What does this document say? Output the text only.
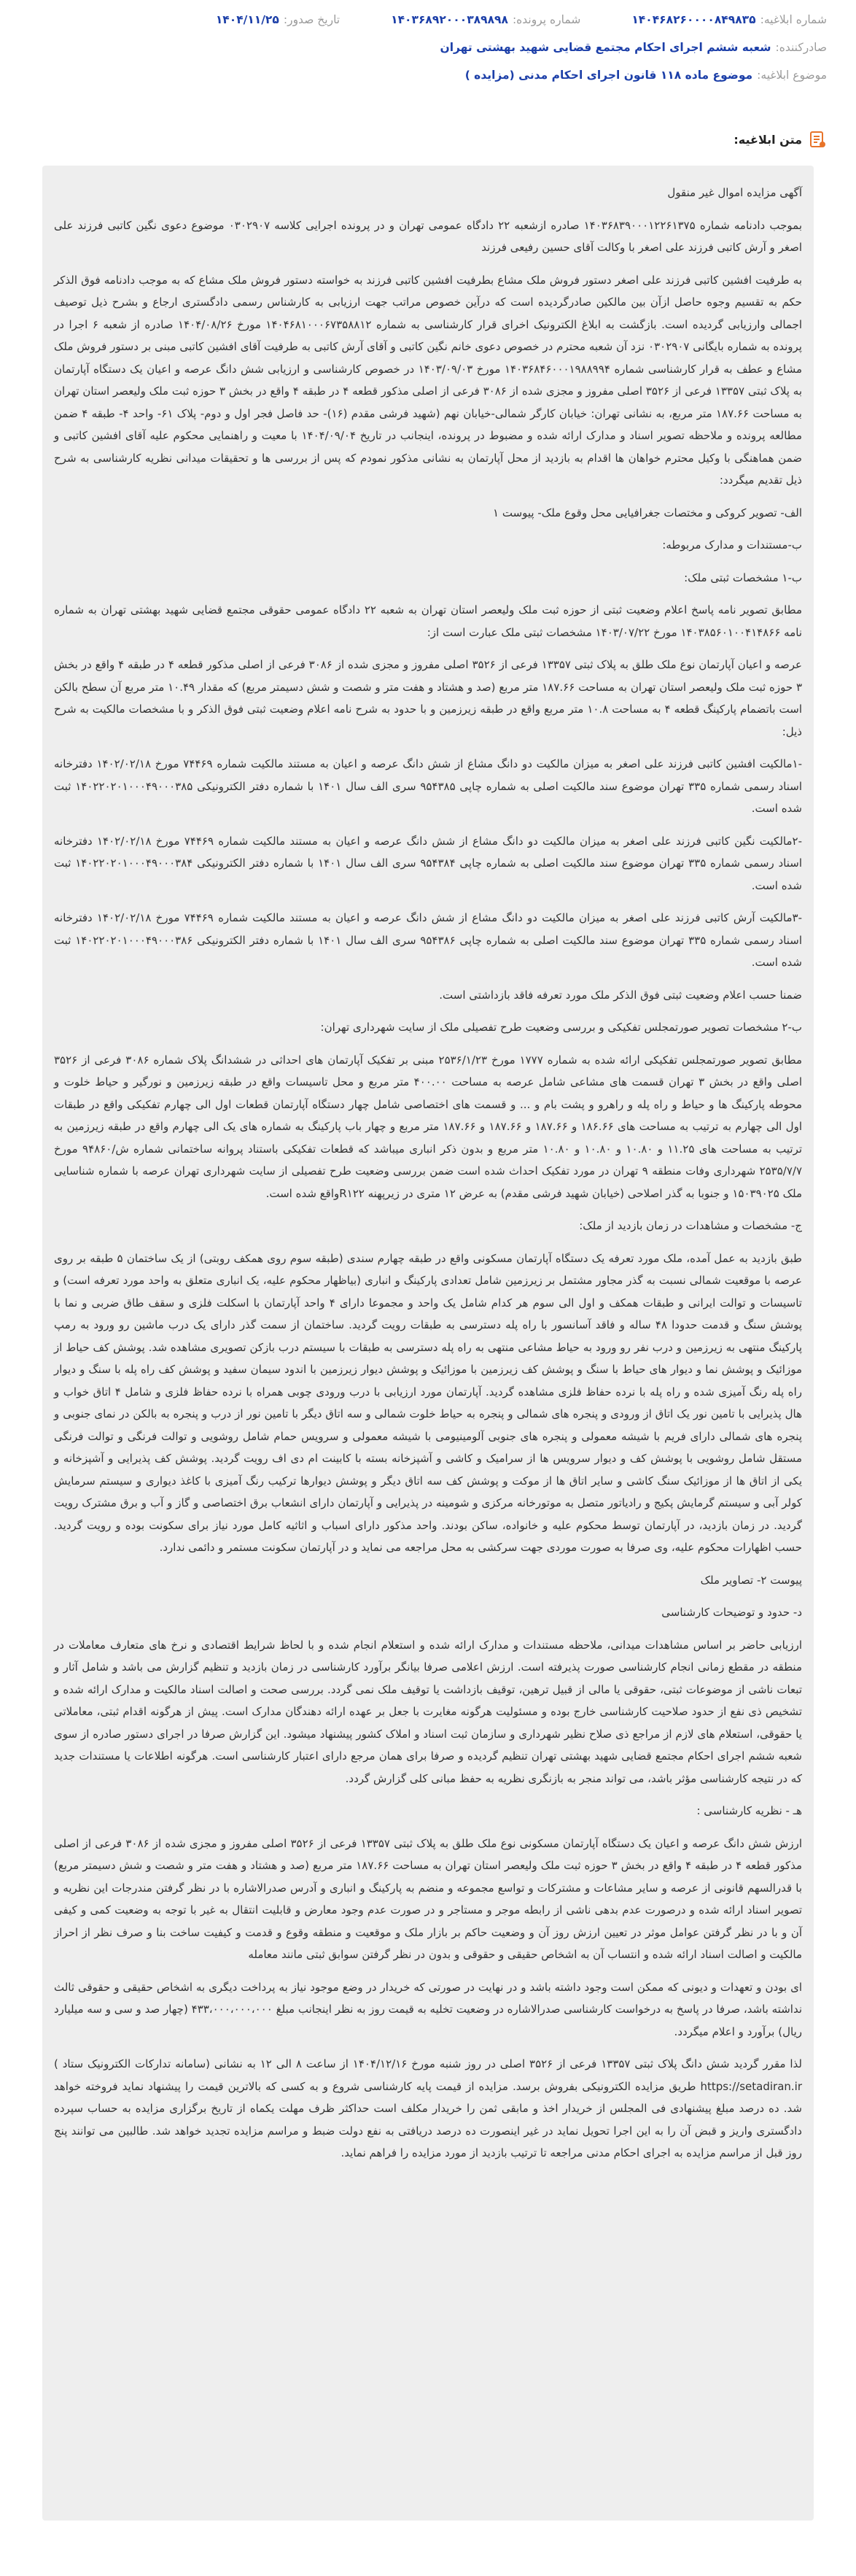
شماره ابلاغیه:
۱۴۰۴۶۸۲۶۰۰۰۰۸۴۹۸۳۵
شماره پرونده:
۱۴۰۳۶۸۹۲۰۰۰۳۸۹۸۹۸
تاریخ صدور:
۱۴۰۴/۱۱/۲۵
صادرکننده:
شعبه ششم اجرای احکام مجتمع قضایی شهید بهشتی تهران
موضوع ابلاغیه:
موضوع ماده ۱۱۸ قانون اجرای احکام مدنی (مزایده )
متن ابلاغیه:

آگهی مزایده اموال غیر منقول

بموجب دادنامه شماره ۱۴۰۳۶۸۳۹۰۰۰۱۲۲۶۱۳۷۵ صادره ازشعبه ۲۲ دادگاه عمومی تهران و در پرونده اجرایی کلاسه ۰۳۰۲۹۰۷ موضوع دعوی نگین کاتبی فرزند علی اصغر و آرش کاتبی فرزند علی اصغر با وکالت آقای حسین رفیعی فرزند

به طرفیت افشین کاتبی فرزند علی اصغر دستور فروش ملک مشاع بطرفیت افشین کاتبی فرزند به خواسته دستور فروش ملک مشاع که به موجب دادنامه فوق الذکر حکم به تقسیم وجوه حاصل ازآن بین مالکین صادرگردیده است که درآین خصوص مراتب جهت ارزیابی به کارشناس رسمی دادگستری ارجاع و بشرح ذیل توصیف اجمالی وارزیابی گردیده است. بازگشت به ابلاغ الکترونیک اخرای قرار کارشناسی به شماره ۱۴۰۴۶۸۱۰۰۰۶۷۳۵۸۸۱۲ مورخ ۱۴۰۴/۰۸/۲۶ صادره از شعبه ۶ اجرا در پرونده به شماره بایگانی ۰۳۰۲۹۰۷ نزد آن شعبه محترم در خصوص دعوی خانم نگین کاتبی و آقای آرش کاتبی به طرفیت آقای افشین کاتبی مبنی بر دستور فروش ملک مشاع و عطف به قرار کارشناسی شماره ۱۴۰۳۶۸۴۶۰۰۰۱۹۸۸۹۹۴ مورخ ۱۴۰۳/۰۹/۰۳ در خصوص کارشناسی و ارزیابی شش دانگ عرصه و اعیان یک دستگاه آپارتمان به پلاک ثبتی ۱۳۳۵۷ فرعی از ۳۵۲۶ اصلی مفروز و مجزی شده از ۳۰۸۶ فرعی از اصلی مذکور قطعه ۴ در طبقه ۴ واقع در بخش ۳ حوزه ثبت ملک ولیعصر استان تهران به مساحت ۱۸۷.۶۶ متر مربع، به نشانی تهران: خیابان کارگر شمالی-خیابان نهم (شهید فرشی مقدم (۱۶)- حد فاصل فجر اول و دوم- پلاک ۶۱- واحد ۴- طبقه ۴ ضمن مطالعه پرونده و ملاحظه تصویر اسناد و مدارک ارائه شده و مضبوط در پرونده، اینجانب در تاریخ ۱۴۰۴/۰۹/۰۴ با معیت و راهنمایی محکوم علیه آقای افشین کاتبی و ضمن هماهنگی با وکیل محترم خواهان ها اقدام به بازدید از محل آپارتمان به نشانی مذکور نمودم که پس از بررسی ها و تحقیقات میدانی نظریه کارشناسی به شرح ذیل تقدیم میگردد:

الف- تصویر کروکی و مختصات جغرافیایی محل وقوع ملک- پیوست ۱

ب-مستندات و مدارک مربوطه:

ب-۱ مشخصات ثبتی ملک:

مطابق تصویر نامه پاسخ اعلام وضعیت ثبتی از حوزه ثبت ملک ولیعصر استان تهران به شعبه ۲۲ دادگاه عمومی حقوقی مجتمع قضایی شهید بهشتی تهران به شماره نامه ۱۴۰۳۸۵۶۰۱۰۰۴۱۴۸۶۶ مورخ ۱۴۰۳/۰۷/۲۲ مشخصات ثبتی ملک عبارت است از:

عرصه و اعیان آپارتمان نوع ملک طلق به پلاک ثبتی ۱۳۳۵۷ فرعی از ۳۵۲۶ اصلی مفروز و مجزی شده از ۳۰۸۶ فرعی از اصلی مذکور قطعه ۴ در طبقه ۴ واقع در بخش ۳ حوزه ثبت ملک ولیعصر استان تهران به مساحت ۱۸۷.۶۶ متر مربع (صد و هشتاد و هفت متر و شصت و شش دسیمتر مربع) که مقدار ۱۰.۴۹ متر مربع آن سطح بالکن است باتضمام پارکینگ قطعه ۴ به مساحت ۱۰.۸ متر مربع واقع در طبقه زیرزمین و با حدود به شرح نامه اعلام وضعیت ثبتی فوق الذکر و با مشخصات مالکیت به شرح ذیل:

-۱مالکیت افشین کاتبی فرزند علی اصغر به میزان مالکیت دو دانگ مشاع از شش دانگ عرصه و اعیان به مستند مالکیت شماره ۷۴۴۶۹ مورخ ۱۴۰۲/۰۲/۱۸ دفترخانه اسناد رسمی شماره ۳۳۵ تهران موضوع سند مالکیت اصلی به شماره چاپی ۹۵۴۳۸۵ سری الف سال ۱۴۰۱ با شماره دفتر الکترونیکی ۱۴۰۲۲۰۲۰۱۰۰۰۴۹۰۰۰۳۸۵ ثبت شده است.

-۲مالکیت نگین کاتبی فرزند علی اصغر به میزان مالکیت دو دانگ مشاع از شش دانگ عرصه و اعیان به مستند مالکیت شماره ۷۴۴۶۹ مورخ ۱۴۰۲/۰۲/۱۸ دفترخانه اسناد رسمی شماره ۳۳۵ تهران موضوع سند مالکیت اصلی به شماره چاپی ۹۵۴۳۸۴ سری الف سال ۱۴۰۱ با شماره دفتر الکترونیکی ۱۴۰۲۲۰۲۰۱۰۰۰۴۹۰۰۰۳۸۴ ثبت شده است.

-۳مالکیت آرش کاتبی فرزند علی اصغر به میزان مالکیت دو دانگ مشاع از شش دانگ عرصه و اعیان به مستند مالکیت شماره ۷۴۴۶۹ مورخ ۱۴۰۲/۰۲/۱۸ دفترخانه اسناد رسمی شماره ۳۳۵ تهران موضوع سند مالکیت اصلی به شماره چاپی ۹۵۴۳۸۶ سری الف سال ۱۴۰۱ با شماره دفتر الکترونیکی ۱۴۰۲۲۰۲۰۱۰۰۰۴۹۰۰۰۳۸۶ ثبت شده است.

ضمنا حسب اعلام وضعیت ثبتی فوق الذکر ملک مورد تعرفه فاقد بازداشتی است.

ب-۲ مشخصات تصویر صورتمجلس تفکیکی و بررسی وضعیت طرح تفصیلی ملک از سایت شهرداری تهران:

مطابق تصویر صورتمجلس تفکیکی ارائه شده به شماره ۱۷۷۷ مورخ ۲۵۳۶/۱/۲۳ مبنی بر تفکیک آپارتمان های احداثی در ششدانگ پلاک شماره ۳۰۸۶ فرعی از ۳۵۲۶ اصلی واقع در بخش ۳ تهران قسمت های مشاعی شامل عرصه به مساحت ۴۰۰.۰۰ متر مربع و محل تاسیسات واقع در طبقه زیرزمین و نورگیر و حیاط خلوت و محوطه پارکینگ ها و حیاط و راه پله و راهرو و پشت بام و ... و قسمت های اختصاصی شامل چهار دستگاه آپارتمان قطعات اول الی چهارم تفکیکی واقع در طبقات اول الی چهارم به ترتیب به مساحت های ۱۸۶.۶۶ و ۱۸۷.۶۶ و ۱۸۷.۶۶ و ۱۸۷.۶۶ متر مربع و چهار باب پارکینگ به شماره های یک الی چهارم واقع در طبقه زیرزمین به ترتیب به مساحت های ۱۱.۲۵ و ۱۰.۸۰ و ۱۰.۸۰ و ۱۰.۸۰ متر مربع و بدون ذکر انباری میباشد که قطعات تفکیکی باستناد پروانه ساختمانی شماره ش/۹۴۸۶۰ مورخ ۲۵۳۵/۷/۷ شهرداری وفات منطقه ۹ تهران در مورد تفکیک احداث شده است ضمن بررسی وضعیت طرح تفصیلی از سایت شهرداری تهران عرصه با شماره شناسایی ملک ۱۵۰۳۹۰۲۵ و جنوبا به گذر اصلاحی (خیابان شهید فرشی مقدم) به عرض ۱۲ متری در زیرپهنه R۱۲۲واقع شده است.

ج- مشخصات و مشاهدات در زمان بازدید از ملک:

طبق بازدید به عمل آمده، ملک مورد تعرفه یک دستگاه آپارتمان مسکونی واقع در طبقه چهارم سندی (طبقه سوم روی همکف روبتی) از یک ساختمان ۵ طبقه بر روی عرصه با موقعیت شمالی نسبت به گذر مجاور مشتمل بر زیرزمین شامل تعدادی پارکینگ و انباری (بیاظهار محکوم علیه، یک انباری متعلق به واحد مورد تعرفه است) و تاسیسات و توالت ایرانی و طبقات همکف و اول الی سوم هر کدام شامل یک واحد و مجموعا دارای ۴ واحد آپارتمان با اسکلت فلزی و سقف طاق ضربی و نما با پوشش سنگ و قدمت حدودا ۴۸ ساله و فاقد آسانسور با راه پله دسترسی به طبقات رویت گردید. ساختمان از سمت گذر دارای یک درب ماشین رو ورود به رمپ پارکینگ منتهی به زیرزمین و درب نفر رو ورود به حیاط مشاعی منتهی به راه پله دسترسی به طبقات با سیستم درب بازکن تصویری مشاهده شد. پوشش کف حیاط از موزائیک و پوشش نما و دیوار های حیاط با سنگ و پوشش کف زیرزمین با موزائیک و پوشش دیوار زیرزمین با اندود سیمان سفید و پوشش کف راه پله با سنگ و دیوار راه پله رنگ آمیزی شده و راه پله با نرده حفاظ فلزی مشاهده گردید. آپارتمان مورد ارزیابی با درب ورودی چوبی همراه با نرده حفاظ فلزی و شامل ۴ اتاق خواب و هال پذیرایی با تامین نور یک اتاق از ورودی و پنجره های شمالی و پنجره به حیاط خلوت شمالی و سه اتاق دیگر با تامین نور از درب و پنجره به بالکن در نمای جنوبی و پنجره های شمالی دارای فریم با شیشه معمولی و پنجره های جنوبی آلومینیومی با شیشه معمولی و سرویس حمام شامل روشویی و توالت فرنگی و توالت فرنگی مستقل شامل روشویی با پوشش کف و دیوار سرویس ها از سرامیک و کاشی و آشپزخانه بسته با کابینت ام دی اف رویت گردید. پوشش کف پذیرایی و آشپزخانه و یکی از اتاق ها از موزائیک سنگ کاشی و سایر اتاق ها از موکت و پوشش کف سه اتاق دیگر و پوشش دیوارها ترکیب رنگ آمیزی با کاغذ دیواری و سیستم سرمایش کولر آبی و سیستم گرمایش پکیج و رادیاتور متصل به موتورخانه مرکزی و شومینه در پذیرایی و آپارتمان دارای انشعاب برق اختصاصی و گاز و آب و برق مشترک رویت گردید. در زمان بازدید، در آپارتمان توسط محکوم علیه و خانواده، ساکن بودند. واحد مذکور دارای اسباب و اثاثیه کامل مورد نیاز برای سکونت بوده و رویت گردید. حسب اظهارات محکوم علیه، وی صرفا به صورت موردی جهت سرکشی به محل مراجعه می نماید و در آپارتمان سکونت مستمر و دائمی ندارد.

پیوست ۲- تصاویر ملک

د- حدود و توضیحات کارشناسی

ارزیابی حاضر بر اساس مشاهدات میدانی، ملاحظه مستندات و مدارک ارائه شده و استعلام انجام شده و با لحاظ شرایط اقتصادی و نرخ های متعارف معاملات در منطقه در مقطع زمانی انجام کارشناسی صورت پذیرفته است. ارزش اعلامی صرفا بیانگر برآورد کارشناسی در زمان بازدید و تنظیم گزارش می باشد و شامل آثار و تبعات ناشی از موضوعات ثبتی، حقوقی یا مالی از قبیل ترهین، توقیف بازداشت یا توقیف ملک نمی گردد. بررسی صحت و اصالت اسناد مالکیت و مدارک ارائه شده و تشخیص ذی نفع از حدود صلاحیت کارشناسی خارج بوده و مسئولیت هرگونه مغایرت با جعل بر عهده ارائه دهندگان مدارک است. پیش از هرگونه اقدام ثبتی، معاملاتی یا حقوقی، استعلام های لازم از مراجع ذی صلاح نظیر شهرداری و سازمان ثبت اسناد و املاک کشور پیشنهاد میشود. این گزارش صرفا در اجرای دستور صادره از سوی شعبه ششم اجرای احکام مجتمع قضایی شهید بهشتی تهران تنظیم گردیده و صرفا برای همان مرجع دارای اعتبار کارشناسی است. هرگونه اطلاعات یا مستندات جدید که در نتیجه کارشناسی مؤثر باشد، می تواند منجر به بازنگری نظریه به حفظ مبانی کلی گزارش گردد.

هـ - نظریه کارشناسی :

ارزش شش دانگ عرصه و اعیان یک دستگاه آپارتمان مسکونی نوع ملک طلق به پلاک ثبتی ۱۳۳۵۷ فرعی از ۳۵۲۶ اصلی مفروز و مجزی شده از ۳۰۸۶ فرعی از اصلی مذکور قطعه ۴ در طبقه ۴ واقع در بخش ۳ حوزه ثبت ملک ولیعصر استان تهران به مساحت ۱۸۷.۶۶ متر مربع (صد و هشتاد و هفت متر و شصت و شش دسیمتر مربع) با قدرالسهم قانونی از عرصه و سایر مشاعات و مشترکات و تواسع مجموعه و منضم به پارکینگ و انباری و آدرس صدرالاشاره با در نظر گرفتن مندرجات این نظریه و تصویر اسناد ارائه شده و درصورت عدم بدهی ناشی از رابطه موجر و مستاجر و در صورت عدم وجود معارض و قابلیت انتقال به غیر با توجه به وضعیت کمی و کیفی آن و با در نظر گرفتن عوامل موثر در تعیین ارزش روز آن و وضعیت حاکم بر بازار ملک و موقعیت و منطقه وقوع و قدمت و کیفیت ساخت بنا و صرف نظر از احراز مالکیت و اصالت اسناد ارائه شده و انتساب آن به اشخاص حقیقی و حقوقی و بدون در نظر گرفتن سوابق ثبتی مانند معامله

ای بودن و تعهدات و دیونی که ممکن است وجود داشته باشد و در نهایت در صورتی که خریدار در وضع موجود نیاز به پرداخت دیگری به اشخاص حقیقی و حقوقی ثالث نداشته باشد، صرفا در پاسخ به درخواست کارشناسی صدرالاشاره در وضعیت تخلیه به قیمت روز به نظر اینجانب مبلغ ۴۳۳،۰۰۰،۰۰۰،۰۰۰ (چهار صد و سی و سه میلیارد ریال) برآورد و اعلام میگردد.

لذا مقرر گردید شش دانگ پلاک ثبتی ۱۳۳۵۷ فرعی از ۳۵۲۶ اصلی در روز شنبه مورخ ۱۴۰۴/۱۲/۱۶ از ساعت ۸ الی ۱۲ به نشانی (سامانه تدارکات الکترونیک ستاد ) https://setadiran.ir طریق مزایده الکترونیکی بفروش برسد. مزایده از قیمت پایه کارشناسی شروع و به کسی که بالاترین قیمت را پیشنهاد نماید فروخته خواهد شد. ده درصد مبلغ پیشنهادی فی المجلس از خریدار اخذ و مابقی ثمن را خریدار مکلف است حداکثر ظرف مهلت یکماه از تاریخ برگزاری مزایده به حساب سپرده دادگستری واریز و قبض آن را به این اجرا تحویل نماید در غیر اینصورت ده درصد دریافتی به نفع دولت ضبط و مراسم مزایده تجدید خواهد شد. طالبین می توانند پنج روز قبل از مراسم مزایده به اجرای احکام مدنی مراجعه تا ترتیب بازدید از مورد مزایده را فراهم نماید.
